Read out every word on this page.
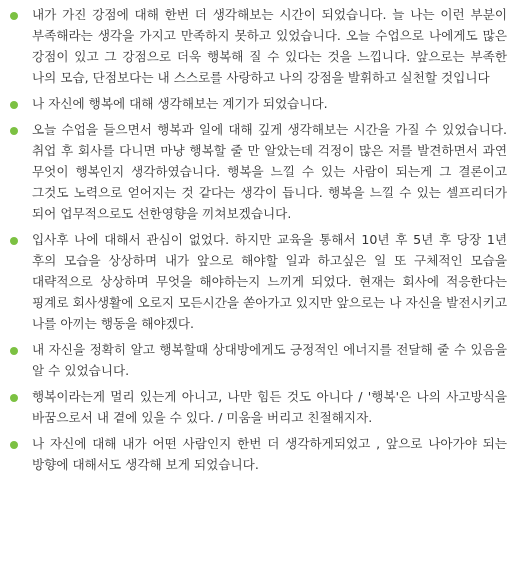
내가 가진 강점에 대해 한번 더 생각해보는 시간이 되었습니다. 늘 나는 이런 부분이 부족해라는 생각을 가지고 만족하지 못하고 있었습니다. 오늘 수업으로 나에게도 많은 강점이 있고 그 강점으로 더욱 행복해 질 수 있다는 것을 느낍니다. 앞으로는 부족한 나의 모습, 단점보다는 내 스스로를 사랑하고 나의 강점을 발휘하고 실천할 것입니다
나 자신에 행복에 대해 생각해보는 계기가 되었습니다.
오늘 수업을 들으면서 행복과 일에 대해 깊게 생각해보는 시간을 가질 수 있었습니다. 취업 후 회사를 다니면 마냥 행복할 줄 만 알았는데 걱정이 많은 저를 발견하면서 과연 무엇이 행복인지 생각하였습니다. 행복을 느낄 수 있는 사람이 되는게 그 결론이고 그것도 노력으로 얻어지는 것 같다는 생각이 듭니다. 행복을 느낄 수 있는 셀프리더가 되어 업무적으로도 선한영향을 끼쳐보겠습니다.
입사후 나에 대해서 관심이 없었다. 하지만 교육을 통해서 10년 후 5년 후 당장 1년 후의 모습을 상상하며 내가 앞으로 해야할 일과 하고싶은 일 또 구체적인 모습을 대략적으로 상상하며 무엇을 해야하는지 느끼게 되었다. 현재는 회사에 적응한다는 핑계로 회사생활에 오로지 모든시간을 쏟아가고 있지만 앞으로는 나 자신을 발전시키고 나를 아끼는 행동을 해야겠다.
내 자신을 정확히 알고 행복할때 상대방에게도 긍정적인 에너지를 전달해 줄 수 있음을 알 수 있었습니다.
행복이라는게 멀리 있는게 아니고, 나만 힘든 것도 아니다 / '행복'은 나의 사고방식을 바꿈으로서 내 곁에 있을 수 있다. / 미움을 버리고 친절해지자.
나 자신에 대해 내가 어떤 사람인지 한번 더 생각하게되었고 , 앞으로 나아가야 되는 방향에 대해서도 생각해 보게 되었습니다.
